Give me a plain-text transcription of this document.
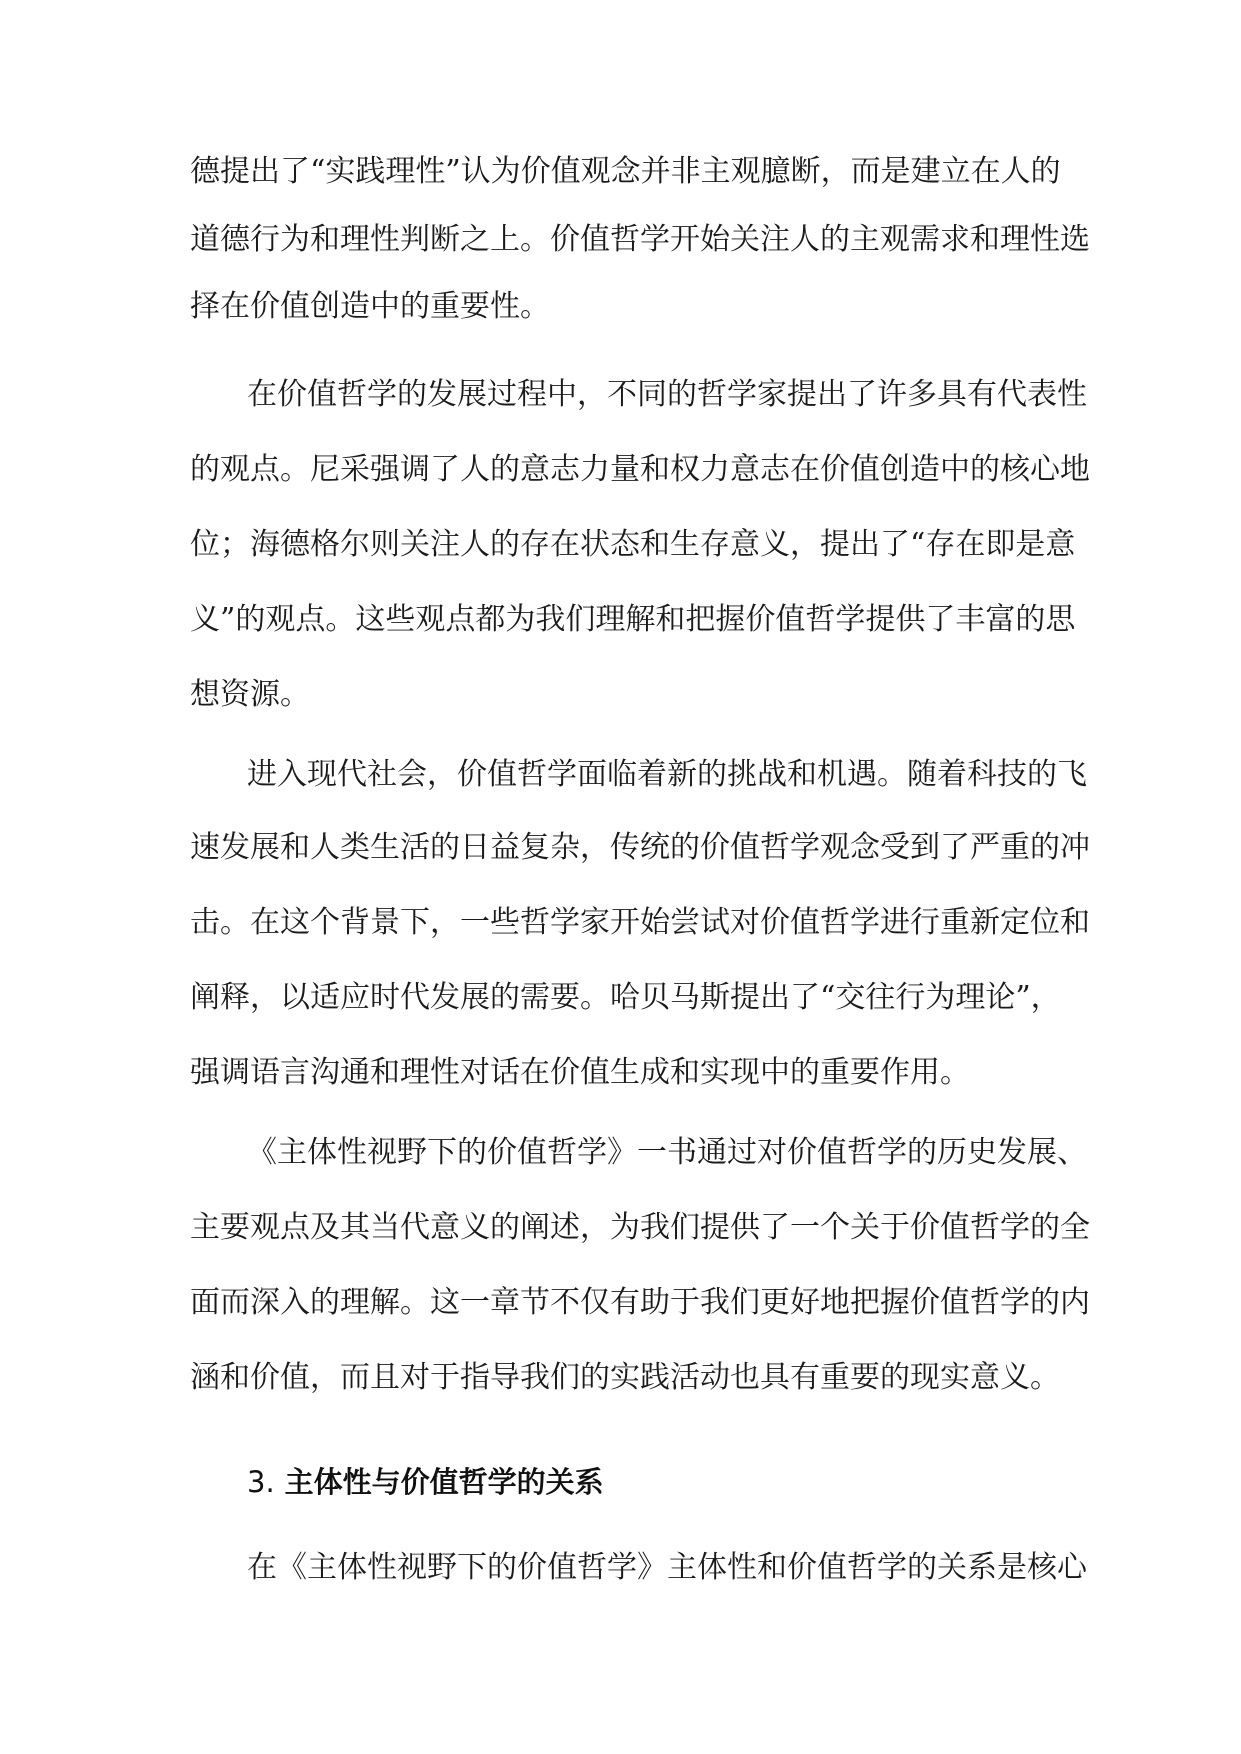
德提出了“实践理性”认为价值观念并非主观臆断，而是建立在人的
道德行为和理性判断之上。价值哲学开始关注人的主观需求和理性选
择在价值创造中的重要性。
在价值哲学的发展过程中，不同的哲学家提出了许多具有代表性
的观点。尼采强调了人的意志力量和权力意志在价值创造中的核心地
位；海德格尔则关注人的存在状态和生存意义，提出了“存在即是意
义”的观点。这些观点都为我们理解和把握价值哲学提供了丰富的思
想资源。
进入现代社会，价值哲学面临着新的挑战和机遇。随着科技的飞
速发展和人类生活的日益复杂，传统的价值哲学观念受到了严重的冲
击。在这个背景下，一些哲学家开始尝试对价值哲学进行重新定位和
阐释，以适应时代发展的需要。哈贝马斯提出了“交往行为理论”，
强调语言沟通和理性对话在价值生成和实现中的重要作用。
《主体性视野下的价值哲学》一书通过对价值哲学的历史发展、
主要观点及其当代意义的阐述，为我们提供了一个关于价值哲学的全
面而深入的理解。这一章节不仅有助于我们更好地把握价值哲学的内
涵和价值，而且对于指导我们的实践活动也具有重要的现实意义。
3. 主体性与价值哲学的关系
在《主体性视野下的价值哲学》主体性和价值哲学的关系是核心
